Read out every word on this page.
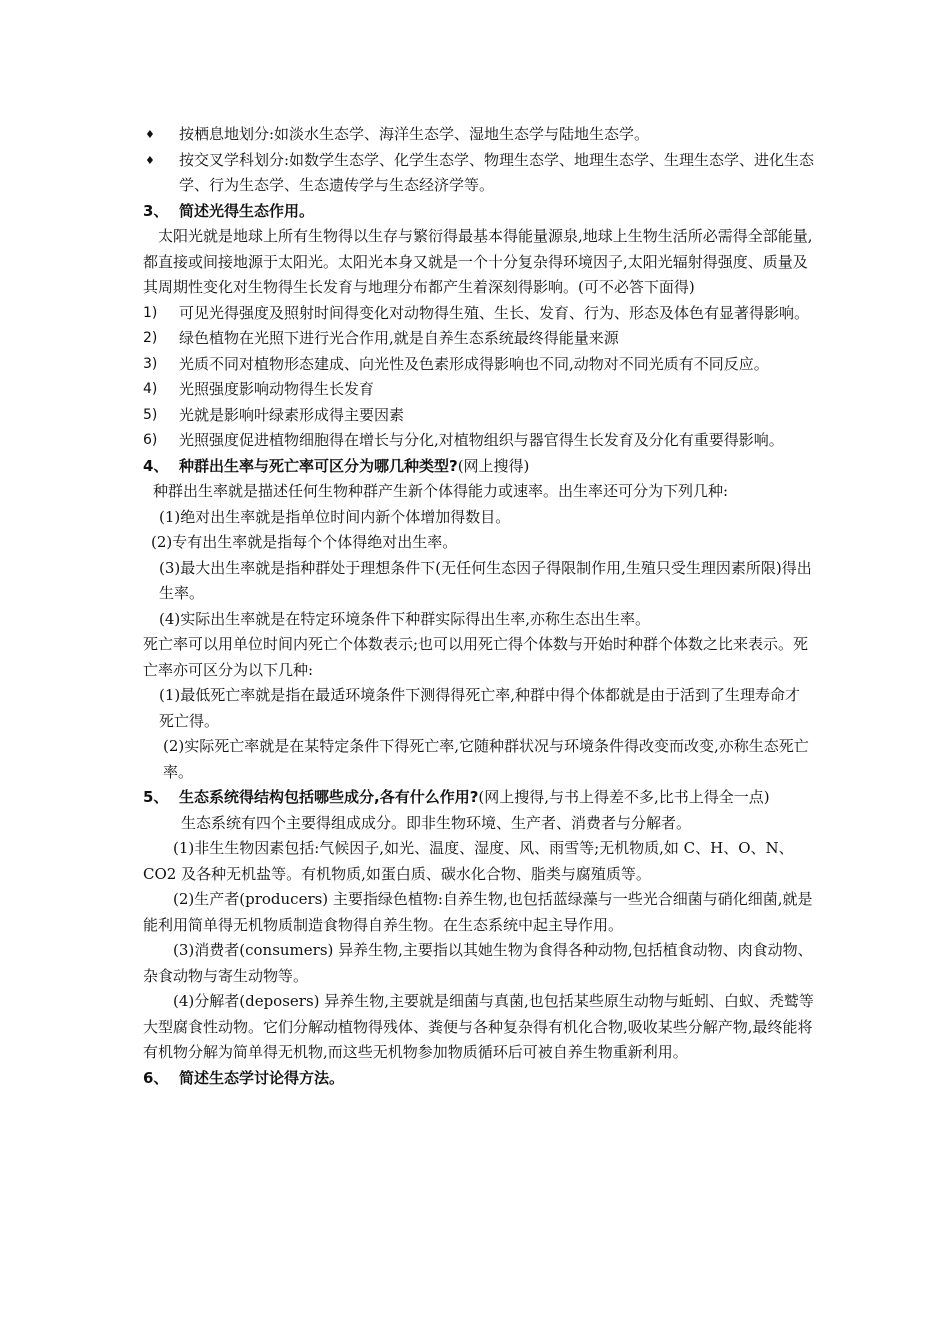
♦ 按栖息地划分:如淡水生态学、海洋生态学、湿地生态学与陆地生态学。

♦ 按交叉学科划分:如数学生态学、化学生态学、物理生态学、地理生态学、生理生态学、进化生态学、行为生态学、生态遗传学与生态经济学等。

3、 简述光得生态作用。

太阳光就是地球上所有生物得以生存与繁衍得最基本得能量源泉,地球上生物生活所必需得全部能量,都直接或间接地源于太阳光。太阳光本身又就是一个十分复杂得环境因子,太阳光辐射得强度、质量及其周期性变化对生物得生长发育与地理分布都产生着深刻得影响。(可不必答下面得)

1) 可见光得强度及照射时间得变化对动物得生殖、生长、发育、行为、形态及体色有显著得影响。
2) 绿色植物在光照下进行光合作用,就是自养生态系统最终得能量来源
3) 光质不同对植物形态建成、向光性及色素形成得影响也不同,动物对不同光质有不同反应。
4) 光照强度影响动物得生长发育
5) 光就是影响叶绿素形成得主要因素
6) 光照强度促进植物细胞得在增长与分化,对植物组织与器官得生长发育及分化有重要得影响。

4、 种群出生率与死亡率可区分为哪几种类型?(网上搜得)

种群出生率就是描述任何生物种群产生新个体得能力或速率。出生率还可分为下列几种:

(1)绝对出生率就是指单位时间内新个体增加得数目。

(2)专有出生率就是指每个个体得绝对出生率。

(3)最大出生率就是指种群处于理想条件下(无任何生态因子得限制作用,生殖只受生理因素所限)得出生率。

(4)实际出生率就是在特定环境条件下种群实际得出生率,亦称生态出生率。

死亡率可以用单位时间内死亡个体数表示;也可以用死亡得个体数与开始时种群个体数之比来表示。死亡率亦可区分为以下几种:

(1)最低死亡率就是指在最适环境条件下测得得死亡率,种群中得个体都就是由于活到了生理寿命才死亡得。

(2)实际死亡率就是在某特定条件下得死亡率,它随种群状况与环境条件得改变而改变,亦称生态死亡率。

5、 生态系统得结构包括哪些成分,各有什么作用?(网上搜得,与书上得差不多,比书上得全一点)

生态系统有四个主要得组成成分。即非生物环境、生产者、消费者与分解者。

(1)非生生物因素包括:气候因子,如光、温度、湿度、风、雨雪等;无机物质,如 C、H、O、N、CO2 及各种无机盐等。有机物质,如蛋白质、碳水化合物、脂类与腐殖质等。

(2)生产者(producers) 主要指绿色植物:自养生物,也包括蓝绿藻与一些光合细菌与硝化细菌,就是能利用简单得无机物质制造食物得自养生物。在生态系统中起主导作用。

(3)消费者(consumers) 异养生物,主要指以其她生物为食得各种动物,包括植食动物、肉食动物、杂食动物与寄生动物等。

(4)分解者(deposers) 异养生物,主要就是细菌与真菌,也包括某些原生动物与蚯蚓、白蚁、秃鹫等大型腐食性动物。它们分解动植物得残体、粪便与各种复杂得有机化合物,吸收某些分解产物,最终能将有机物分解为简单得无机物,而这些无机物参加物质循环后可被自养生物重新利用。

6、 简述生态学讨论得方法。
